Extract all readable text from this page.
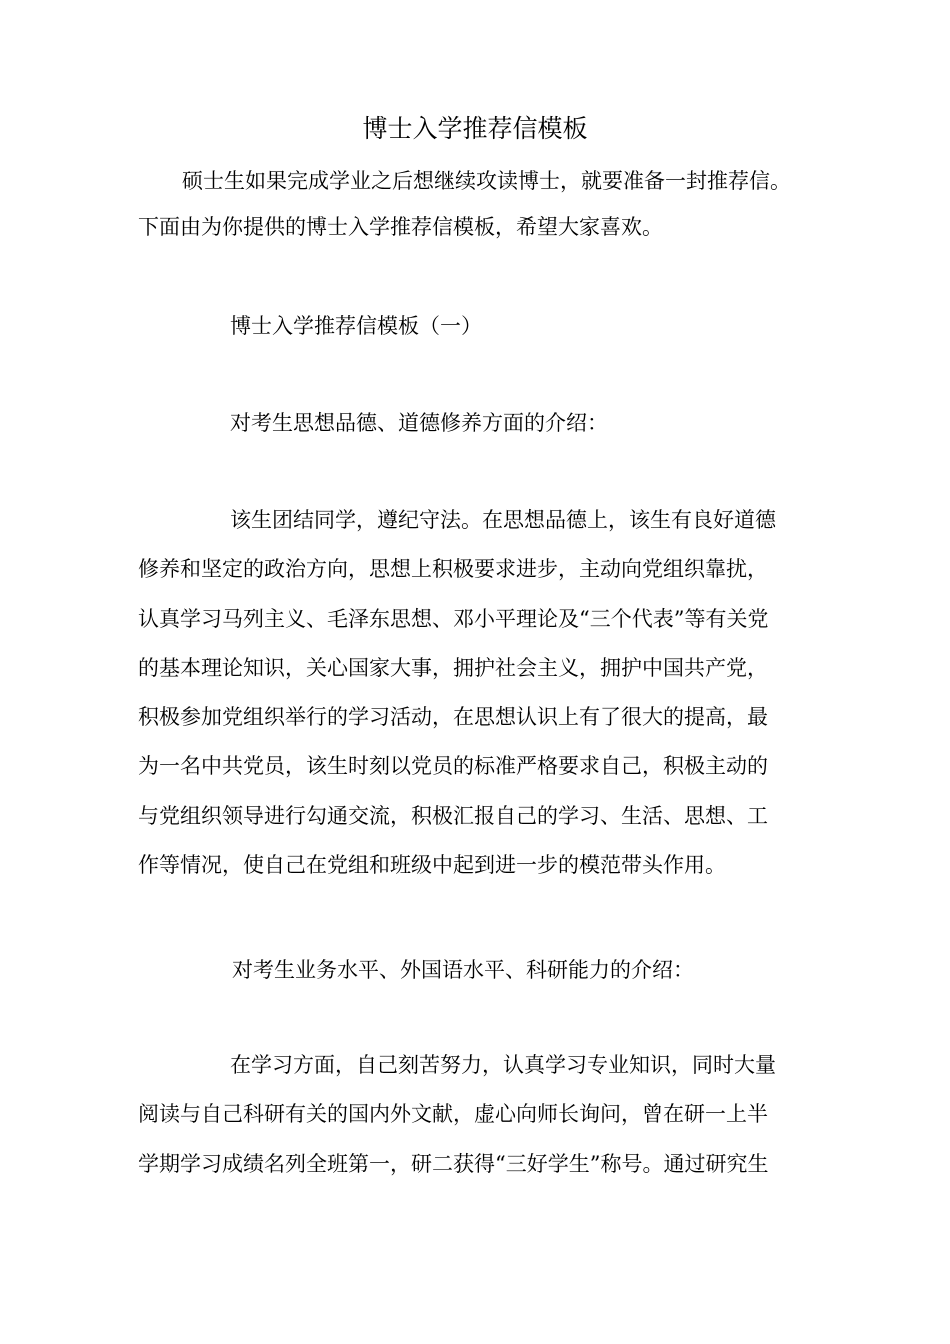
博士入学推荐信模板
硕士生如果完成学业之后想继续攻读博士，就要准备一封推荐信。
下面由为你提供的博士入学推荐信模板，希望大家喜欢。
博士入学推荐信模板（一）
对考生思想品德、道德修养方面的介绍：
该生团结同学，遵纪守法。在思想品德上，该生有良好道德
修养和坚定的政治方向，思想上积极要求进步，主动向党组织靠扰，
认真学习马列主义、毛泽东思想、邓小平理论及“三个代表”等有关党
的基本理论知识，关心国家大事，拥护社会主义，拥护中国共产党，
积极参加党组织举行的学习活动，在思想认识上有了很大的提高，最
为一名中共党员，该生时刻以党员的标准严格要求自己，积极主动的
与党组织领导进行勾通交流，积极汇报自己的学习、生活、思想、工
作等情况，使自己在党组和班级中起到进一步的模范带头作用。
对考生业务水平、外国语水平、科研能力的介绍：
在学习方面，自己刻苦努力，认真学习专业知识，同时大量
阅读与自己科研有关的国内外文献，虚心向师长询问，曾在研一上半
学期学习成绩名列全班第一，研二获得“三好学生”称号。通过研究生
